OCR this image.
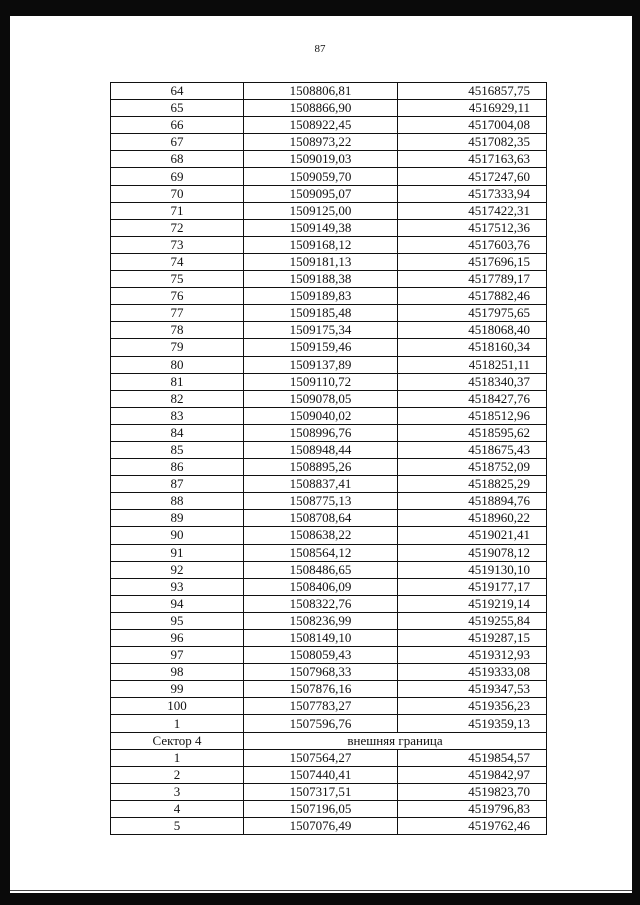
87
64	1508806,81	4516857,75
65	1508866,90	4516929,11
66	1508922,45	4517004,08
67	1508973,22	4517082,35
68	1509019,03	4517163,63
69	1509059,70	4517247,60
70	1509095,07	4517333,94
71	1509125,00	4517422,31
72	1509149,38	4517512,36
73	1509168,12	4517603,76
74	1509181,13	4517696,15
75	1509188,38	4517789,17
76	1509189,83	4517882,46
77	1509185,48	4517975,65
78	1509175,34	4518068,40
79	1509159,46	4518160,34
80	1509137,89	4518251,11
81	1509110,72	4518340,37
82	1509078,05	4518427,76
83	1509040,02	4518512,96
84	1508996,76	4518595,62
85	1508948,44	4518675,43
86	1508895,26	4518752,09
87	1508837,41	4518825,29
88	1508775,13	4518894,76
89	1508708,64	4518960,22
90	1508638,22	4519021,41
91	1508564,12	4519078,12
92	1508486,65	4519130,10
93	1508406,09	4519177,17
94	1508322,76	4519219,14
95	1508236,99	4519255,84
96	1508149,10	4519287,15
97	1508059,43	4519312,93
98	1507968,33	4519333,08
99	1507876,16	4519347,53
100	1507783,27	4519356,23
1	1507596,76	4519359,13
Сектор 4	внешняя граница	
1	1507564,27	4519854,57
2	1507440,41	4519842,97
3	1507317,51	4519823,70
4	1507196,05	4519796,83
5	1507076,49	4519762,46
